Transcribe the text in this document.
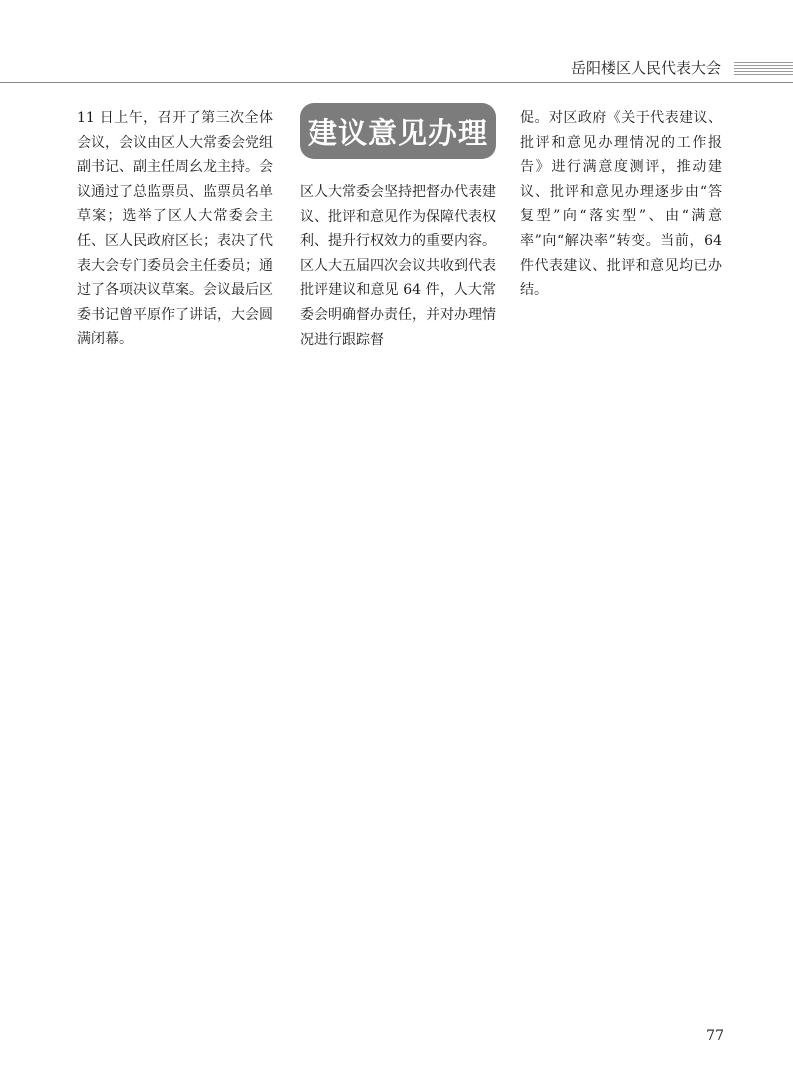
岳阳楼区人民代表大会
11 日上午，召开了第三次全体会议，会议由区人大常委会党组副书记、副主任周幺龙主持。会议通过了总监票员、监票员名单草案；选举了区人大常委会主任、区人民政府区长；表决了代表大会专门委员会主任委员；通过了各项决议草案。会议最后区委书记曾平原作了讲话，大会圆满闭幕。
建议意见办理
区人大常委会坚持把督办代表建议、批评和意见作为保障代表权利、提升行权效力的重要内容。区人大五届四次会议共收到代表批评建议和意见 64 件，人大常委会明确督办责任，并对办理情况进行跟踪督
促。对区政府《关于代表建议、批评和意见办理情况的工作报告》进行满意度测评，推动建议、批评和意见办理逐步由“答复型”向“落实型”、由“满意率”向“解决率”转变。当前，64 件代表建议、批评和意见均已办结。
77
